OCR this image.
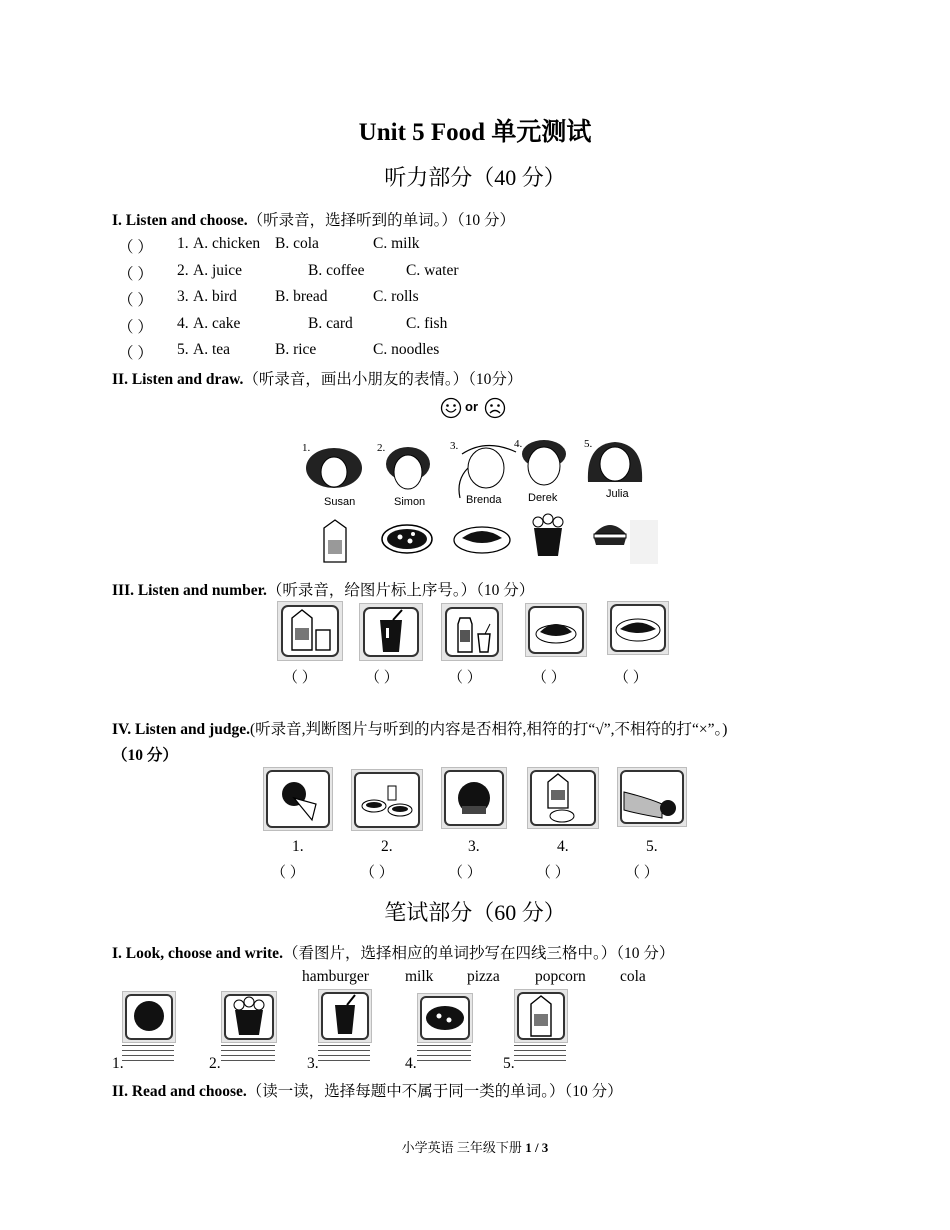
Unit 5 Food 单元测试
听力部分（40 分）
I. Listen and choose.（听录音，选择听到的单词。）（10 分）
（ ） 1. A. chicken B. cola	C. milk
（ ） 2. A. juice	B. coffee	C. water
（ ） 3. A. bird B. bread	C. rolls
（ ） 4. A. cake	B. card	C. fish
（ ） 5. A. tea	B. rice	C. noodles
II. Listen and draw.（听录音，画出小朋友的表情。）（10分）
or
1.
Susan
2.
Simon
3.
Brenda
4.
Derek
5.
Julia
III. Listen and number.（听录音，给图片标上序号。）（10 分）
（ ）	（ ）	（ ）	（ ）	（ ）
IV. Listen and judge.(听录音,判断图片与听到的内容是否相符,相符的打“√”,不相符的打“×”。)
（10 分）
1.	2.	3.	4.	5.
（ ）	（ ）	（ ）	（ ）	（ ）
笔试部分（60 分）
I. Look, choose and write.（看图片，选择相应的单词抄写在四线三格中。）（10 分）
hamburger milk pizza popcorn cola
1.	2.	3.	4.	5.
II. Read and choose.（读一读，选择每题中不属于同一类的单词。）（10 分）
小学英语 三年级下册 1 / 3
